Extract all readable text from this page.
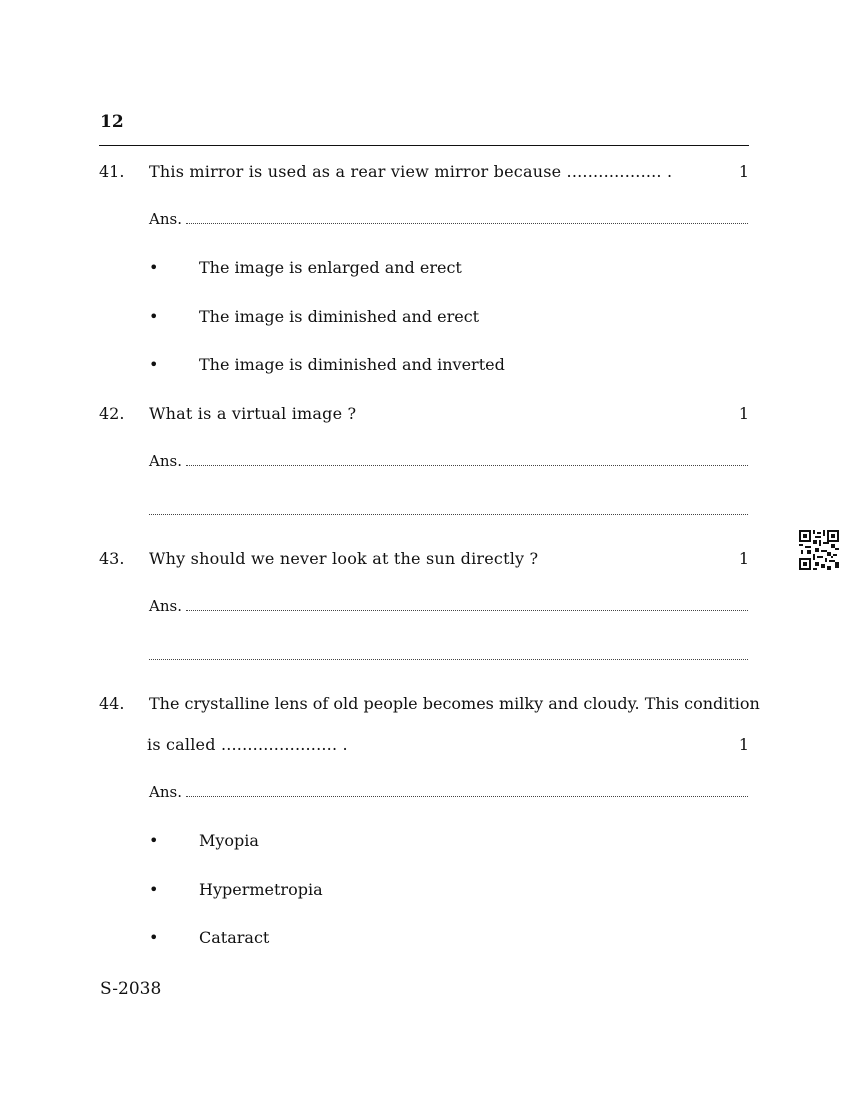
12
41. This mirror is used as a rear view mirror because .................. .	1
Ans.
•	The image is enlarged and erect
•	The image is diminished and erect
•	The image is diminished and inverted
42. What is a virtual image ?	1
Ans.
43. Why should we never look at the sun directly ?	1
Ans.
44. The crystalline lens of old people becomes milky and cloudy. This condition
is called ...................... .	1
Ans.
•	Myopia
•	Hypermetropia
•	Cataract
S-2038
